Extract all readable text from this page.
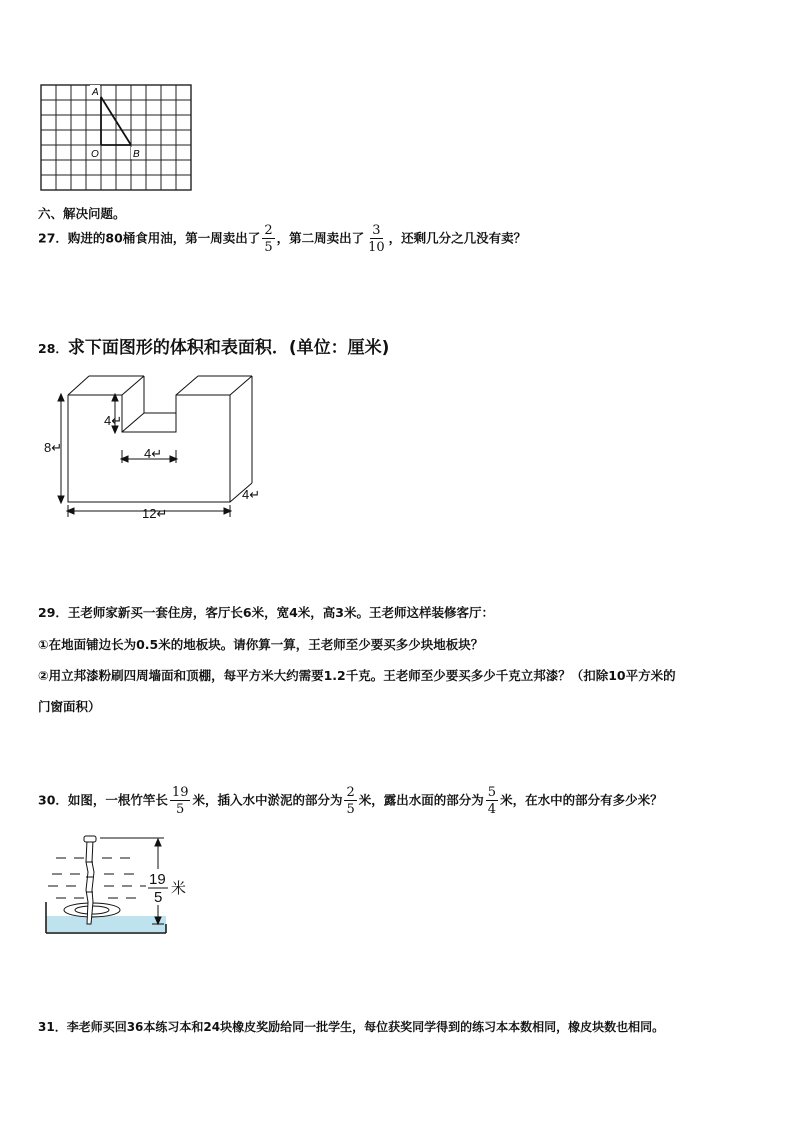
A
O	B
六、解决问题。
27．购进的80桶食用油，第一周卖出了 $\frac{2}{5}$ ，第二周卖出了 $\frac{3}{10}$ ，还剩几分之几没有卖？
28．求下面图形的体积和表面积．(单位：厘米)
8↵
4↵
4↵
12↵
4↵
29．王老师家新买一套住房，客厅长6米，宽4米，高3米。王老师这样装修客厅：
①在地面铺边长为0.5米的地板块。请你算一算，王老师至少要买多少块地板块？
②用立邦漆粉刷四周墙面和顶棚，每平方米大约需要1.2千克。王老师至少要买多少千克立邦漆？（扣除10平方米的
门窗面积）
30．如图，一根竹竿长 $\frac{19}{5}$ 米，插入水中淤泥的部分为 $\frac{2}{5}$ 米，露出水面的部分为 $\frac{5}{4}$ 米，在水中的部分有多少米？
19
5
米
31．李老师买回36本练习本和24块橡皮奖励给同一批学生，每位获奖同学得到的练习本本数相同，橡皮块数也相同。
